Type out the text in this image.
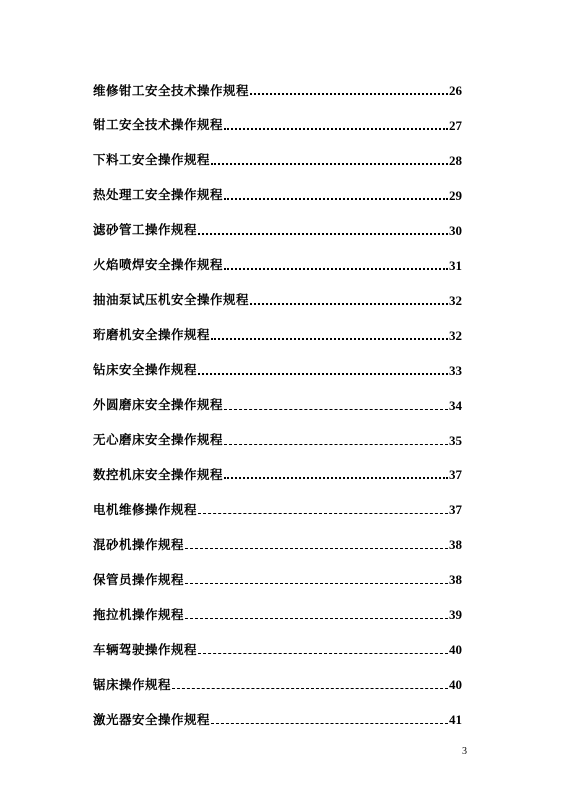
维修钳工安全技术操作规程	26
钳工安全技术操作规程	27
下料工安全操作规程	28
热处理工安全操作规程	29
滤砂管工操作规程	30
火焰喷焊安全操作规程	31
抽油泵试压机安全操作规程	32
珩磨机安全操作规程	32
钻床安全操作规程	33
外圆磨床安全操作规程	34
无心磨床安全操作规程	35
数控机床安全操作规程	37
电机维修操作规程	37
混砂机操作规程	38
保管员操作规程	38
拖拉机操作规程	39
车辆驾驶操作规程	40
锯床操作规程	40
激光器安全操作规程	41
3
